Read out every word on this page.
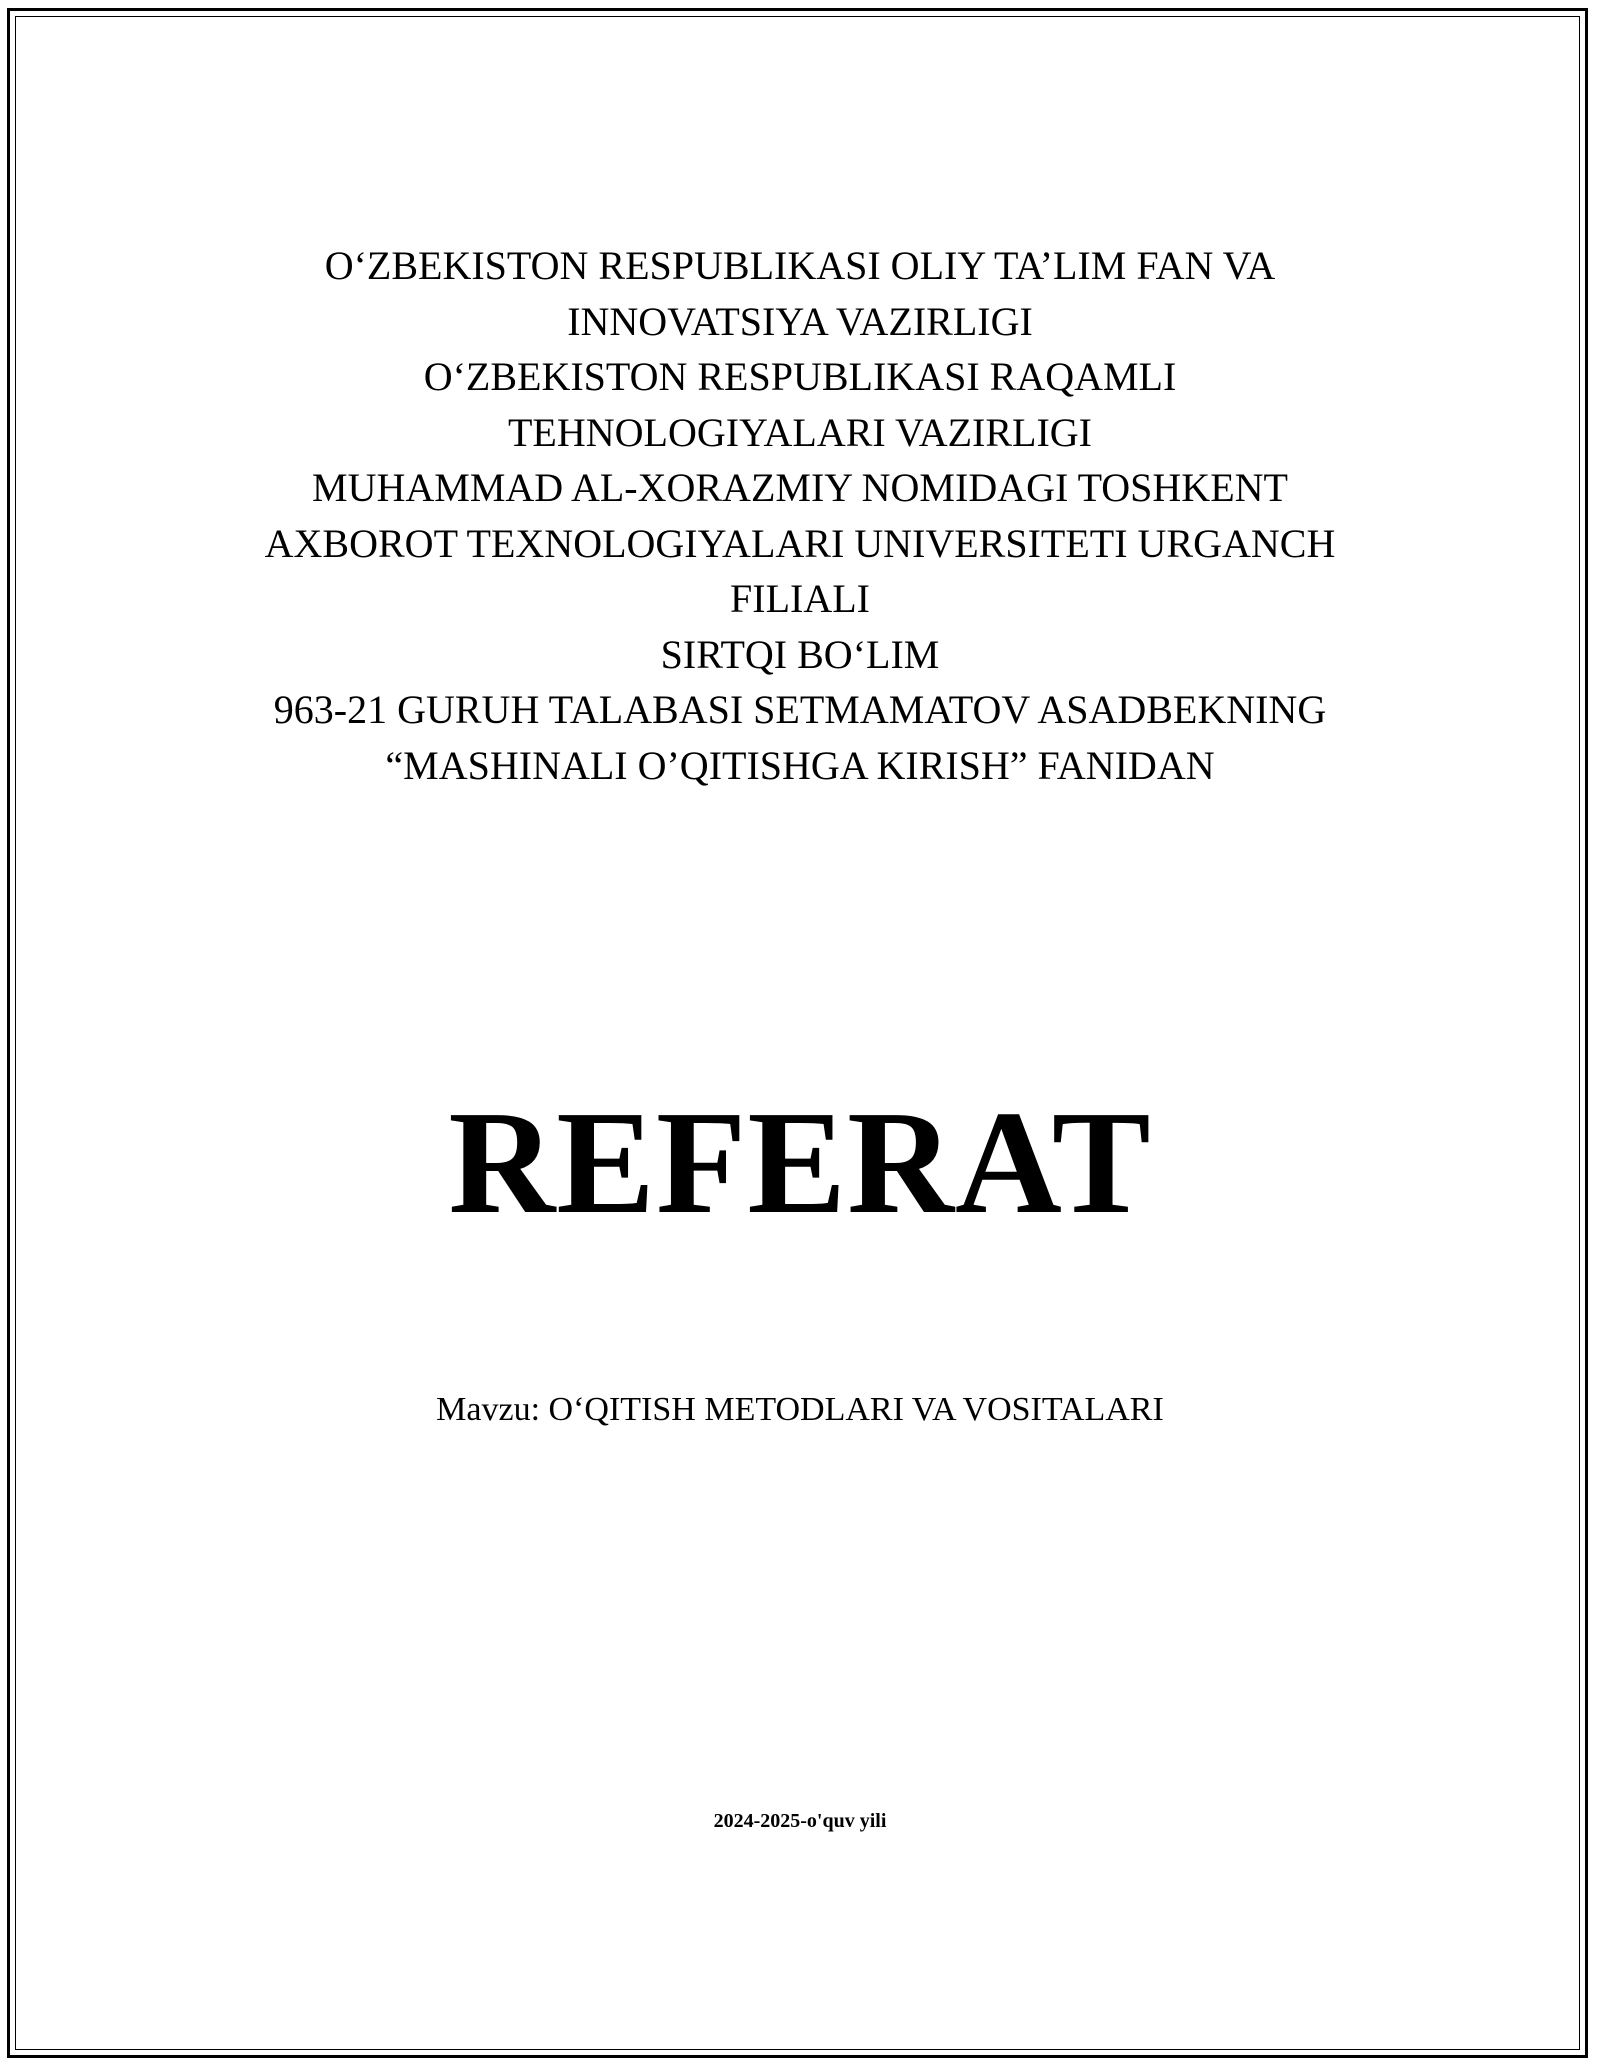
O‘ZBEKISTON RESPUBLIKASI OLIY TA’LIM FAN VA
INNOVATSIYA VAZIRLIGI
O‘ZBEKISTON RESPUBLIKASI RAQAMLI
TEHNOLOGIYALARI VAZIRLIGI
MUHAMMAD AL-XORAZMIY NOMIDAGI TOSHKENT
AXBOROT TEXNOLOGIYALARI UNIVERSITETI URGANCH
FILIALI
SIRTQI BO‘LIM
963-21 GURUH TALABASI SETMAMATOV ASADBEKNING
“MASHINALI O’QITISHGA KIRISH” FANIDAN
REFERAT
Mavzu: O‘QITISH METODLARI VA VOSITALARI
2024-2025-o'quv yili
